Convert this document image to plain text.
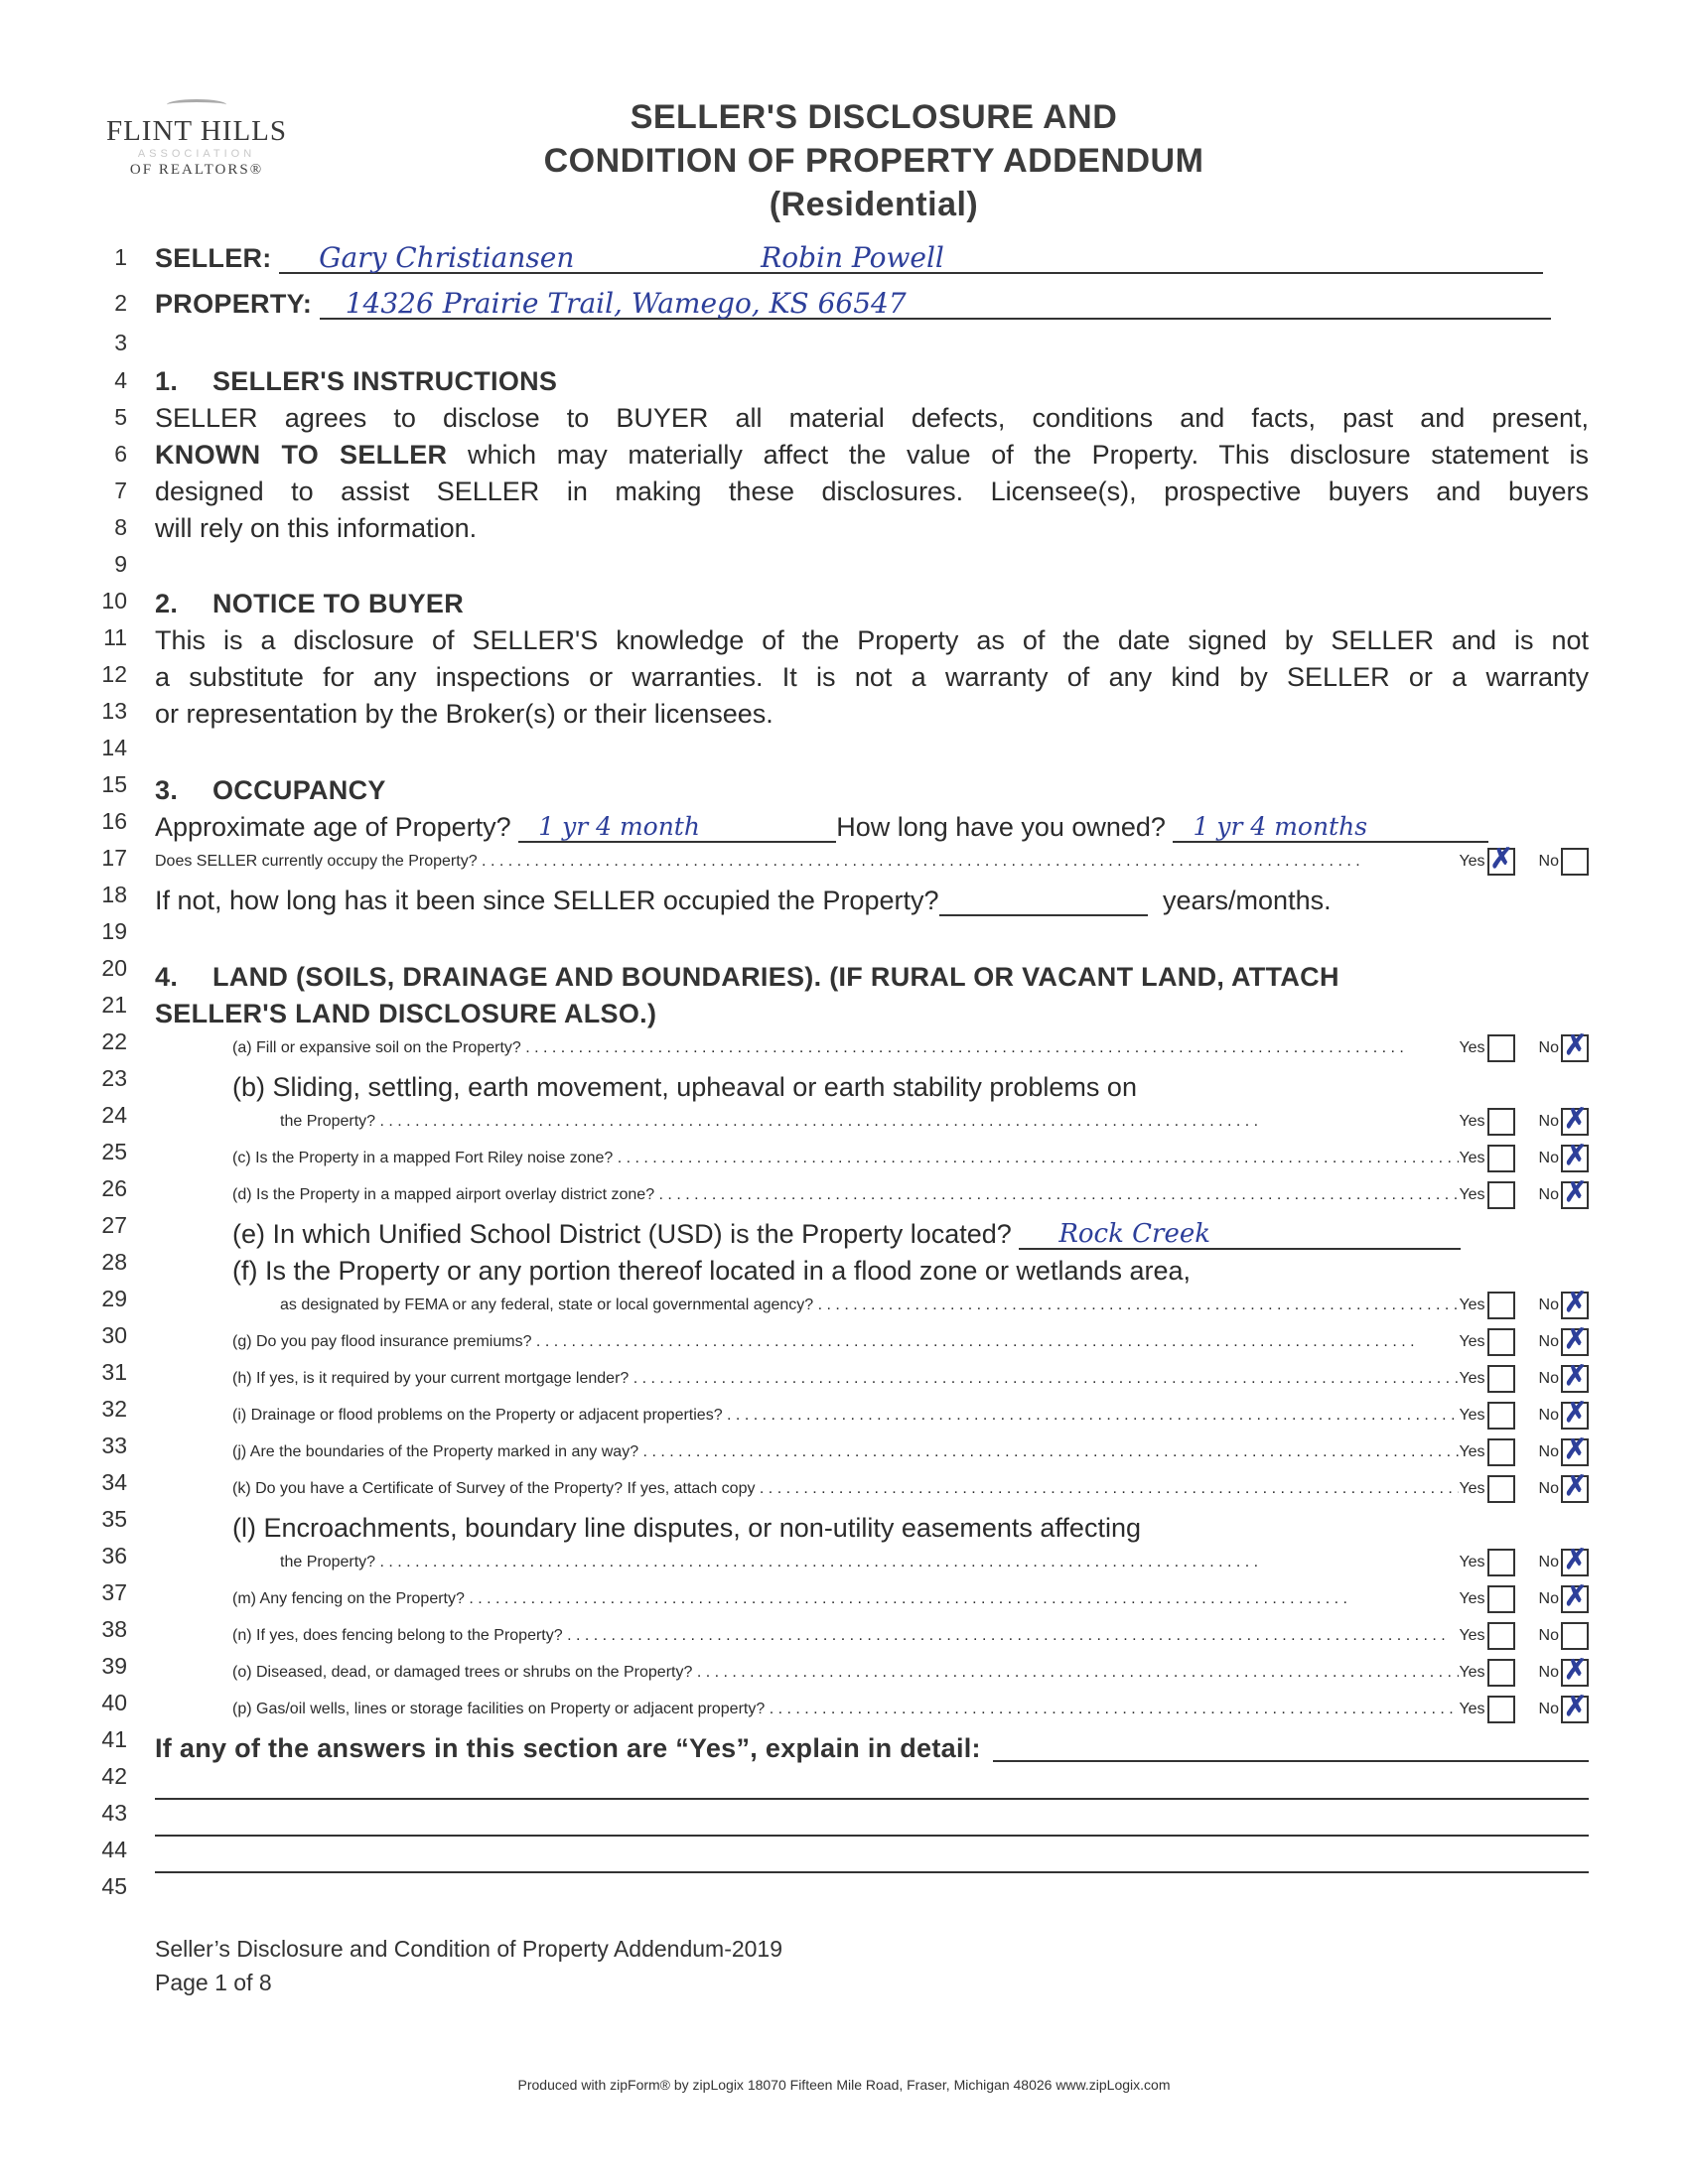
FLINT HILLS
ASSOCIATION
OF REALTORS®
SELLER'S DISCLOSURE AND
CONDITION OF PROPERTY ADDENDUM
(Residential)
1
2
3
4
5
6
7
8
9
10
11
12
13
14
15
16
17
18
19
20
21
22
23
24
25
26
27
28
29
30
31
32
33
34
35
36
37
38
39
40
41
42
43
44
45
SELLER: Gary Christiansen	Robin Powell
PROPERTY: 14326 Prairie Trail, Wamego, KS 66547
1. SELLER'S INSTRUCTIONS
SELLER agrees to disclose to BUYER all material defects, conditions and facts, past and present,
KNOWN TO SELLER which may materially affect the value of the Property. This disclosure statement is
designed to assist SELLER in making these disclosures. Licensee(s), prospective buyers and buyers
will rely on this information.
2. NOTICE TO BUYER
This is a disclosure of SELLER'S knowledge of the Property as of the date signed by SELLER and is not
a substitute for any inspections or warranties. It is not a warranty of any kind by SELLER or a warranty
or representation by the Broker(s) or their licensees.
3. OCCUPANCY
Approximate age of Property? 1 yr 4 month	How long have you owned? 1 yr 4 months
Does SELLER currently occupy the Property? . . .	Yes
✗	No
If not, how long has it been since SELLER occupied the Property?	years/months.
4. LAND (SOILS, DRAINAGE AND BOUNDARIES). (IF RURAL OR VACANT LAND, ATTACH
SELLER'S LAND DISCLOSURE ALSO.)
(a) Fill or expansive soil on the Property? . . .	Yes	No
✗
(b) Sliding, settling, earth movement, upheaval or earth stability problems on
the Property? . . .	Yes	No
✗
(c) Is the Property in a mapped Fort Riley noise zone? . . .	Yes	No
✗
(d) Is the Property in a mapped airport overlay district zone? . . .	Yes	No
✗
(e) In which Unified School District (USD) is the Property located? Rock Creek
(f) Is the Property or any portion thereof located in a flood zone or wetlands area,
as designated by FEMA or any federal, state or local governmental agency? . . .	Yes	No
✗
(g) Do you pay flood insurance premiums? . . .	Yes	No
✗
(h) If yes, is it required by your current mortgage lender? . . .	Yes	No
✗
(i) Drainage or flood problems on the Property or adjacent properties? . . .	Yes	No
✗
(j) Are the boundaries of the Property marked in any way? . . .	Yes	No
✗
(k) Do you have a Certificate of Survey of the Property? If yes, attach copy . . .	Yes	No
✗
(l) Encroachments, boundary line disputes, or non-utility easements affecting
the Property? . . .	Yes	No
✗
(m) Any fencing on the Property? . . .	Yes	No
✗
(n) If yes, does fencing belong to the Property? . . .	Yes	No
(o) Diseased, dead, or damaged trees or shrubs on the Property? . . .	Yes	No
✗
(p) Gas/oil wells, lines or storage facilities on Property or adjacent property? . . .	Yes	No
✗
If any of the answers in this section are “Yes”, explain in detail:
Seller’s Disclosure and Condition of Property Addendum-2019
Page 1 of 8
Produced with zipForm® by zipLogix 18070 Fifteen Mile Road, Fraser, Michigan 48026 www.zipLogix.com
